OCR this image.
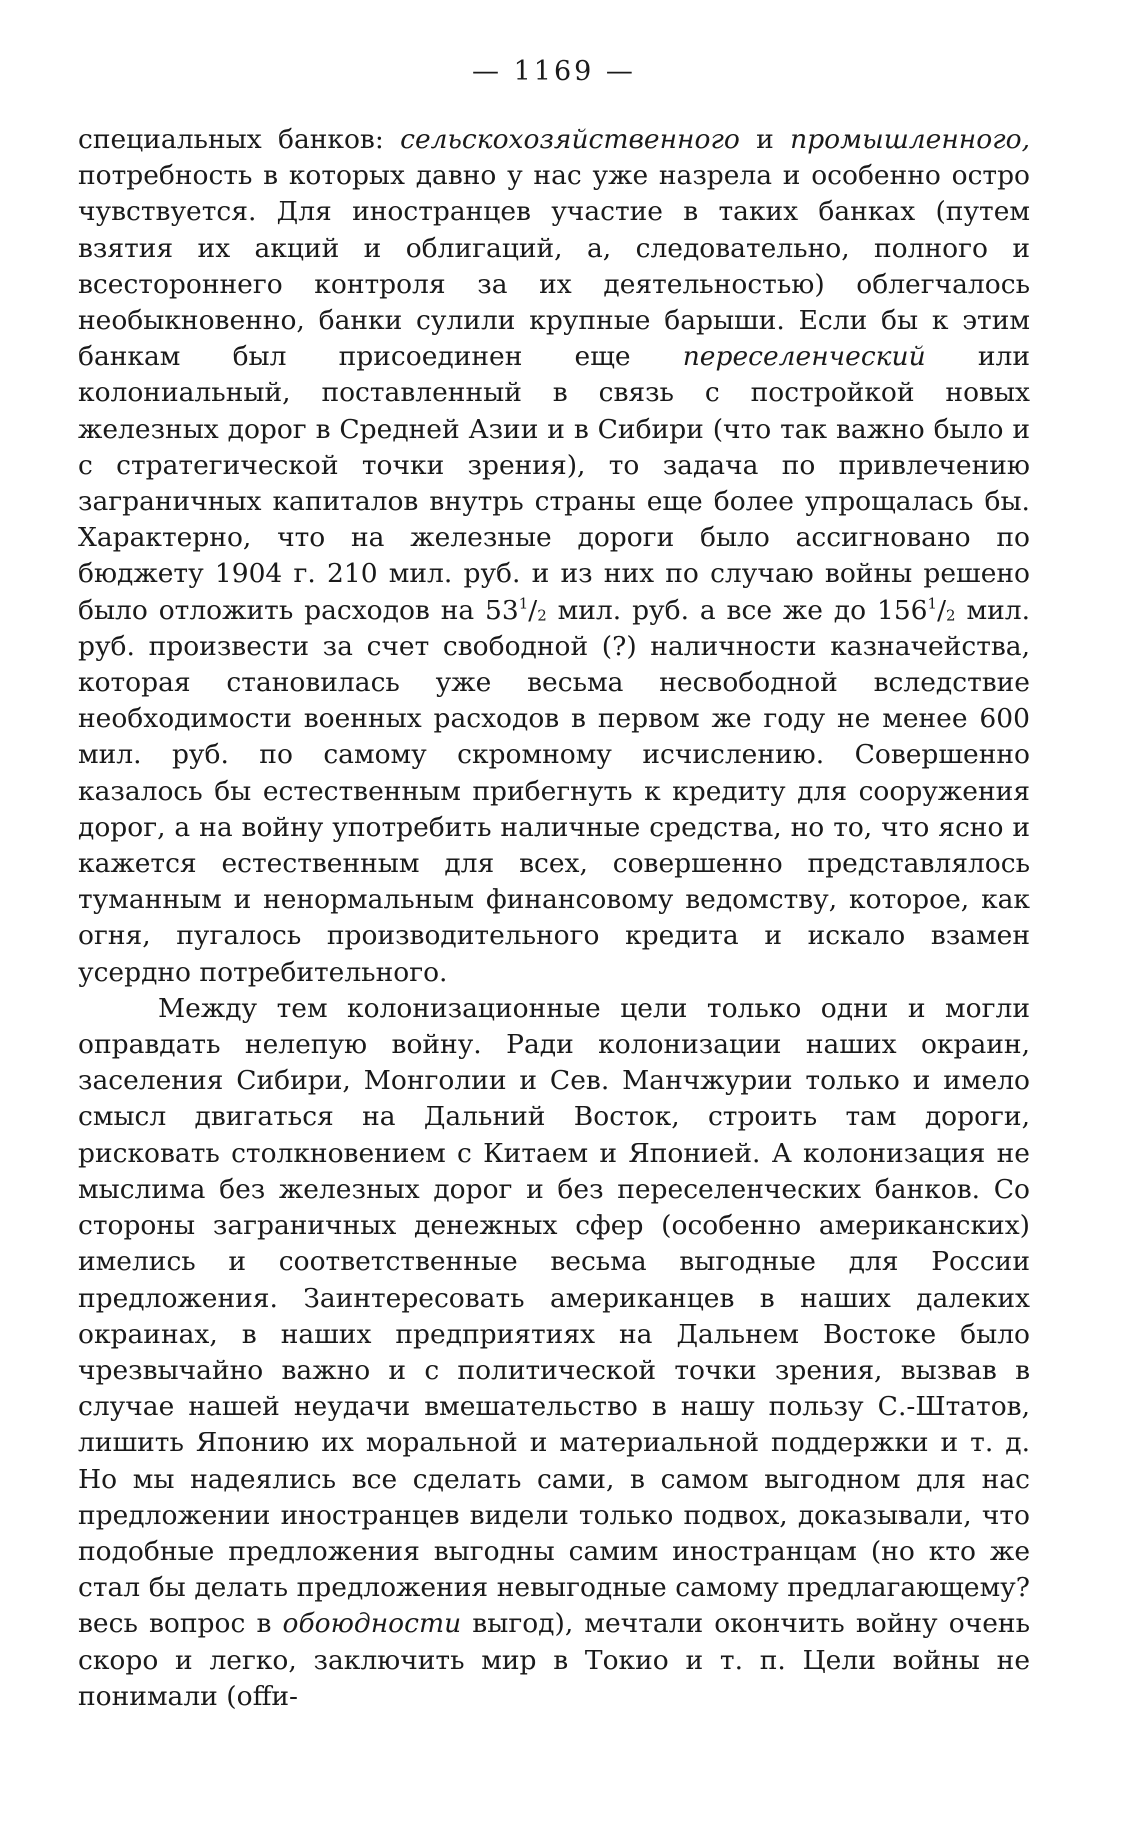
— 1169 —

специальных банков: сельскохозяйственного и промышленного, потребность в которых давно у нас уже назрела и особенно остро чувствуется. Для иностранцев участие в таких банках (путем взятия их акций и облигаций, а, следовательно, полного и всестороннего контроля за их деятельностью) облегчалось необыкновенно, банки сулили крупные барыши. Если бы к этим банкам был присоединен еще переселенческий или колониальный, поставленный в связь с постройкой новых железных дорог в Средней Азии и в Сибири (что так важно было и с стратегической точки зрения), то задача по привлечению заграничных капиталов внутрь страны еще более упрощалась бы. Характерно, что на железные дороги было ассигновано по бюджету 1904 г. 210 мил. руб. и из них по случаю войны решено было отложить расходов на $53^1/_2$ мил. руб. а все же до $156^1/_2$ мил. руб. произвести за счет свободной (?) наличности казначейства, которая становилась уже весьма несвободной вследствие необходимости военных расходов в первом же году не менее 600 мил. руб. по самому скромному исчислению. Совершенно казалось бы естественным прибегнуть к кредиту для сооружения дорог, а на войну употребить наличные средства, но то, что ясно и кажется естественным для всех, совершенно представлялось туманным и ненормальным финансовому ведомству, которое, как огня, пугалось производительного кредита и искало взамен усердно потребительного.

Между тем колонизационные цели только одни и могли оправдать нелепую войну. Ради колонизации наших окраин, заселения Сибири, Монголии и Сев. Манчжурии только и имело смысл двигаться на Дальний Восток, строить там дороги, рисковать столкновением с Китаем и Японией. А колонизация не мыслима без железных дорог и без переселенческих банков. Со стороны заграничных денежных сфер (особенно американских) имелись и соответственные весьма выгодные для России предложения. Заинтересовать американцев в наших далеких окраинах, в наших предприятиях на Дальнем Востоке было чрезвычайно важно и с политической точки зрения, вызвав в случае нашей неудачи вмешательство в нашу пользу С.-Штатов, лишить Японию их моральной и материальной поддержки и т. д. Но мы надеялись все сделать сами, в самом выгодном для нас предложении иностранцев видели только подвох, доказывали, что подобные предложения выгодны самим иностранцам (но кто же стал бы делать предложения невыгодные самому предлагающему? весь вопрос в обоюдности выгод), мечтали окончить войну очень скоро и легко, заключить мир в Токио и т. п. Цели войны не понимали (offи-
